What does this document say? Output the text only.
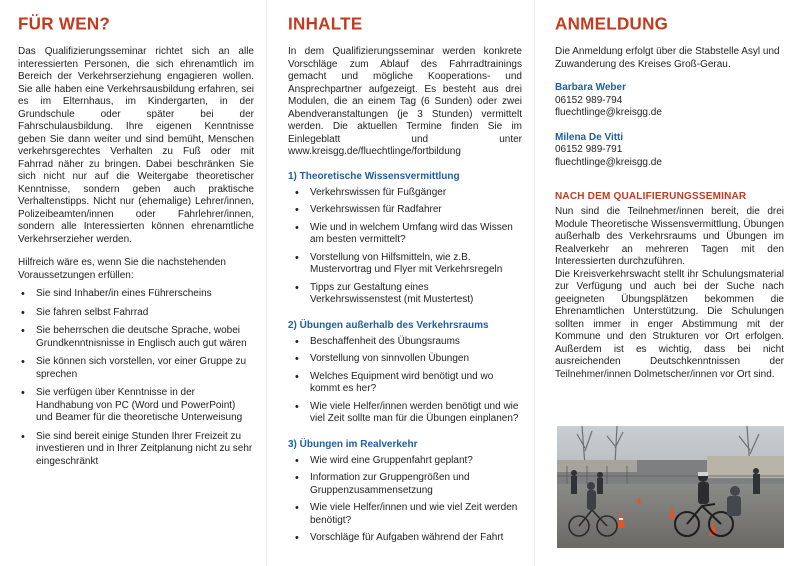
FÜR WEN?

Das Qualifizierungsseminar richtet sich an alle interessierten Personen, die sich ehrenamtlich im Bereich der Verkehrserziehung engagieren wollen. Sie alle haben eine Verkehrsausbildung erfahren, sei es im Elternhaus, im Kindergarten, in der Grundschule oder später bei der Fahrschulausbildung. Ihre eigenen Kenntnisse geben Sie dann weiter und sind bemüht, Menschen verkehrsgerechtes Verhalten zu Fuß oder mit Fahrrad näher zu bringen. Dabei beschränken Sie sich nicht nur auf die Weitergabe theoretischer Kenntnisse, sondern geben auch praktische Verhaltenstipps. Nicht nur (ehemalige) Lehrer/innen, Polizeibeamten/innen oder Fahrlehrer/innen, sondern alle Interessierten können ehrenamtliche Verkehrserzieher werden.

Hilfreich wäre es, wenn Sie die nachstehenden Voraussetzungen erfüllen:

• Sie sind Inhaber/in eines Führerscheins
• Sie fahren selbst Fahrrad
• Sie beherrschen die deutsche Sprache, wobei Grundkenntnisnisse in Englisch auch gut wären
• Sie können sich vorstellen, vor einer Gruppe zu sprechen
• Sie verfügen über Kenntnisse in der Handhabung von PC (Word und PowerPoint) und Beamer für die theoretische Unterweisung
• Sie sind bereit einige Stunden Ihrer Freizeit zu investieren und in Ihrer Zeitplanung nicht zu sehr eingeschränkt
INHALTE

In dem Qualifizierungsseminar werden konkrete Vorschläge zum Ablauf des Fahrradtrainings gemacht und mögliche Kooperations- und Ansprechpartner aufgezeigt. Es besteht aus drei Modulen, die an einem Tag (6 Sunden) oder zwei Abendveranstaltungen (je 3 Stunden) vermittelt werden. Die aktuellen Termine finden Sie im Einlegeblatt und unter www.kreisgg.de/fluechtlinge/fortbildung

1) Theoretische Wissensvermittlung
• Verkehrswissen für Fußgänger
• Verkehrswissen für Radfahrer
• Wie und in welchem Umfang wird das Wissen am besten vermittelt?
• Vorstellung von Hilfsmitteln, wie z.B. Mustervortrag und Flyer mit Verkehrsregeln
• Tipps zur Gestaltung eines Verkehrswissenstest (mit Mustertest)
2) Übungen außerhalb des Verkehrsraums
• Beschaffenheit des Übungsraums
• Vorstellung von sinnvollen Übungen
• Welches Equipment wird benötigt und wo kommt es her?
• Wie viele Helfer/innen werden benötigt und wie viel Zeit sollte man für die Übungen einplanen?
3) Übungen im Realverkehr
• Wie wird eine Gruppenfahrt geplant?
• Information zur Gruppengrößen und Gruppenzusammensetzung
• Wie viele Helfer/innen und wie viel Zeit werden benötigt?
• Vorschläge für Aufgaben während der Fahrt
ANMELDUNG

Die Anmeldung erfolgt über die Stabstelle Asyl und Zuwanderung des Kreises Groß-Gerau.

Barbara Weber
06152 989-794
fluechtlinge@kreisgg.de
Milena De Vitti
06152 989-791
fluechtlinge@kreisgg.de
NACH DEM QUALIFIERUNGSSEMINAR

Nun sind die Teilnehmer/innen bereit, die drei Module Theoretische Wissensvermittlung, Übungen außerhalb des Verkehrsraums und Übungen im Realverkehr an mehreren Tagen mit den Interessierten durchzuführen.

Die Kreisverkehrswacht stellt ihr Schulungsmaterial zur Verfügung und auch bei der Suche nach geeigneten Übungsplätzen bekommen die Ehrenamtlichen Unterstützung. Die Schulungen sollten immer in enger Abstimmung mit der Kommune und den Strukturen vor Ort erfolgen. Außerdem ist es wichtig, dass bei nicht ausreichenden Deutschkenntnissen der Teilnehmer/innen Dolmetscher/innen vor Ort sind.
